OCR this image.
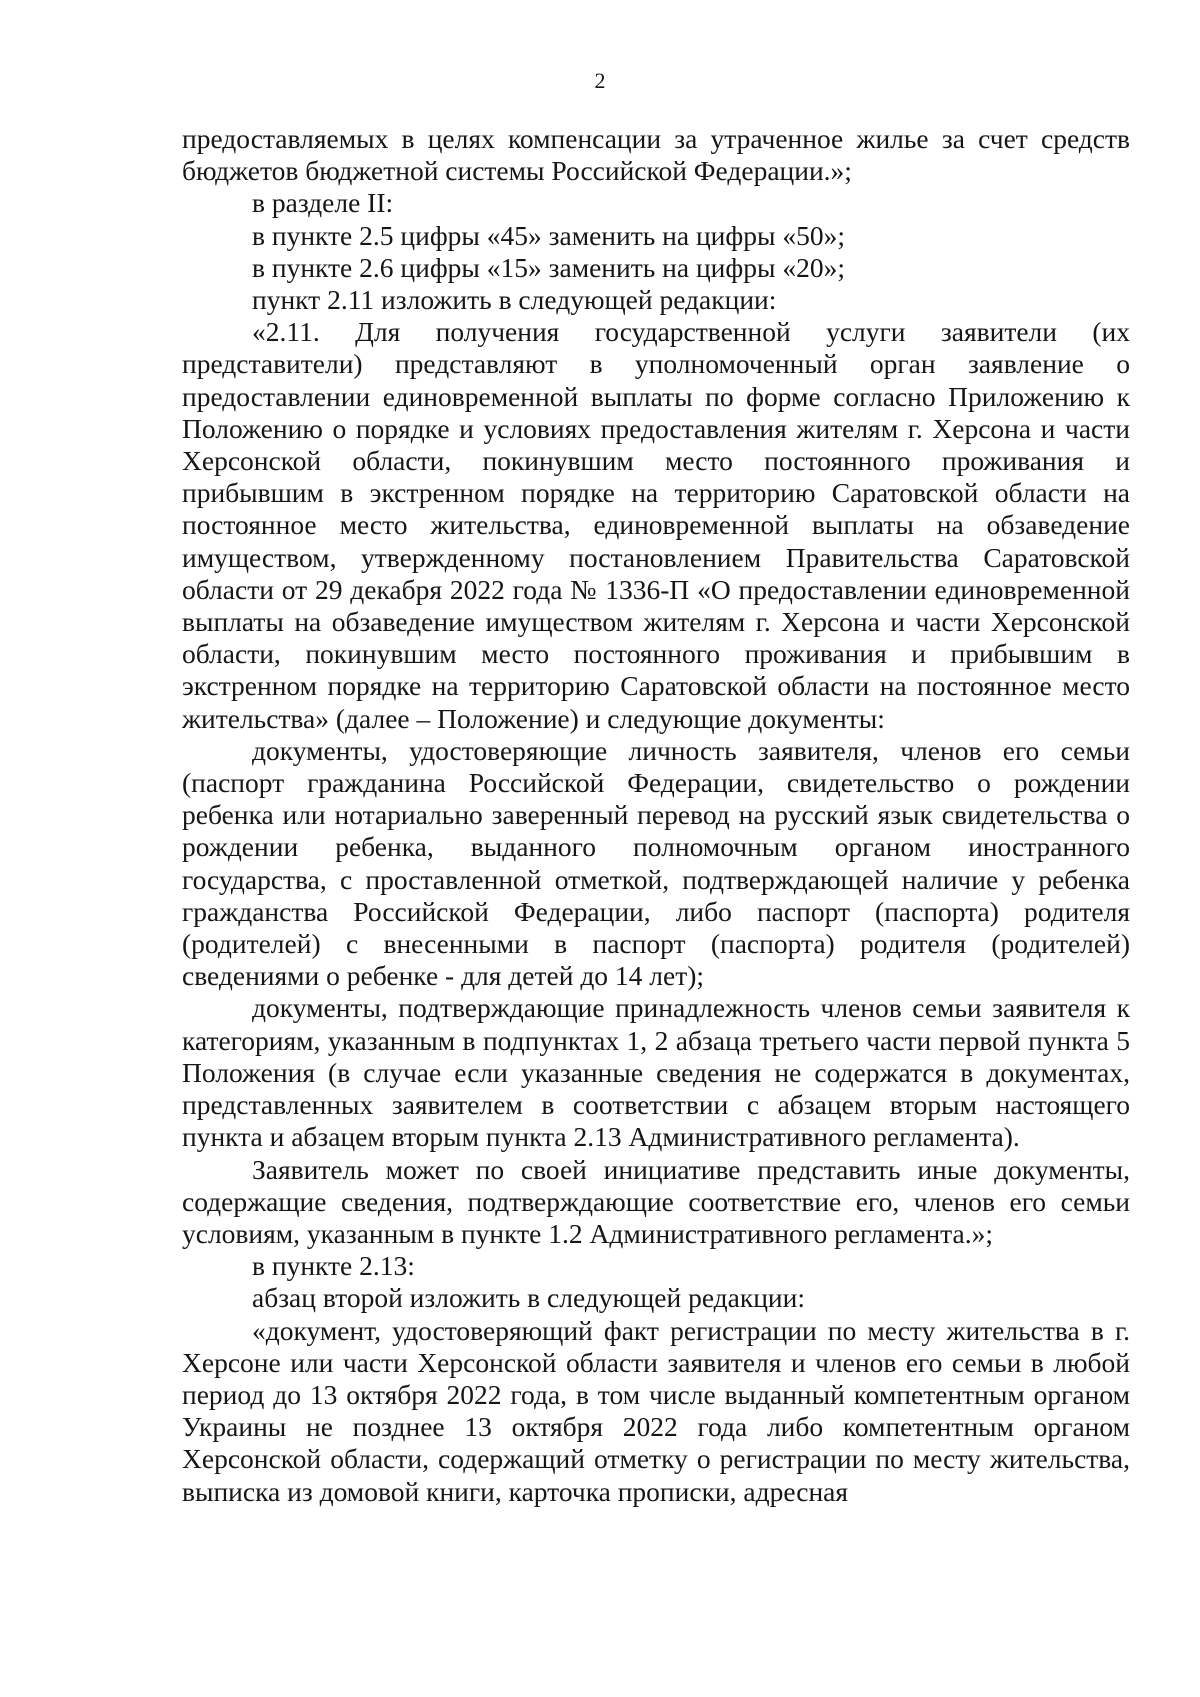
2

предоставляемых в целях компенсации за утраченное жилье за счет средств бюджетов бюджетной системы Российской Федерации.»;

в разделе II:

в пункте 2.5 цифры «45» заменить на цифры «50»;

в пункте 2.6 цифры «15» заменить на цифры «20»;

пункт 2.11 изложить в следующей редакции:

«2.11. Для получения государственной услуги заявители (их представители) представляют в уполномоченный орган заявление о предоставлении единовременной выплаты по форме согласно Приложению к Положению о порядке и условиях предоставления жителям г. Херсона и части Херсонской области, покинувшим место постоянного проживания и прибывшим в экстренном порядке на территорию Саратовской области на постоянное место жительства, единовременной выплаты на обзаведение имуществом, утвержденному постановлением Правительства Саратовской области от 29 декабря 2022 года № 1336-П «О предоставлении единовременной выплаты на обзаведение имуществом жителям г. Херсона и части Херсонской области, покинувшим место постоянного проживания и прибывшим в экстренном порядке на территорию Саратовской области на постоянное место жительства» (далее – Положение) и следующие документы:

документы, удостоверяющие личность заявителя, членов его семьи (паспорт гражданина Российской Федерации, свидетельство о рождении ребенка или нотариально заверенный перевод на русский язык свидетельства о рождении ребенка, выданного полномочным органом иностранного государства, с проставленной отметкой, подтверждающей наличие у ребенка гражданства Российской Федерации, либо паспорт (паспорта) родителя (родителей) с внесенными в паспорт (паспорта) родителя (родителей) сведениями о ребенке - для детей до 14 лет);

документы, подтверждающие принадлежность членов семьи заявителя к категориям, указанным в подпунктах 1, 2 абзаца третьего части первой пункта 5 Положения (в случае если указанные сведения не содержатся в документах, представленных заявителем в соответствии с абзацем вторым настоящего пункта и абзацем вторым пункта 2.13 Административного регламента).

Заявитель может по своей инициативе представить иные документы, содержащие сведения, подтверждающие соответствие его, членов его семьи условиям, указанным в пункте 1.2 Административного регламента.»;

в пункте 2.13:

абзац второй изложить в следующей редакции:

«документ, удостоверяющий факт регистрации по месту жительства в г. Херсоне или части Херсонской области заявителя и членов его семьи в любой период до 13 октября 2022 года, в том числе выданный компетентным органом Украины не позднее 13 октября 2022 года либо компетентным органом Херсонской области, содержащий отметку о регистрации по месту жительства, выписка из домовой книги, карточка прописки, адресная
